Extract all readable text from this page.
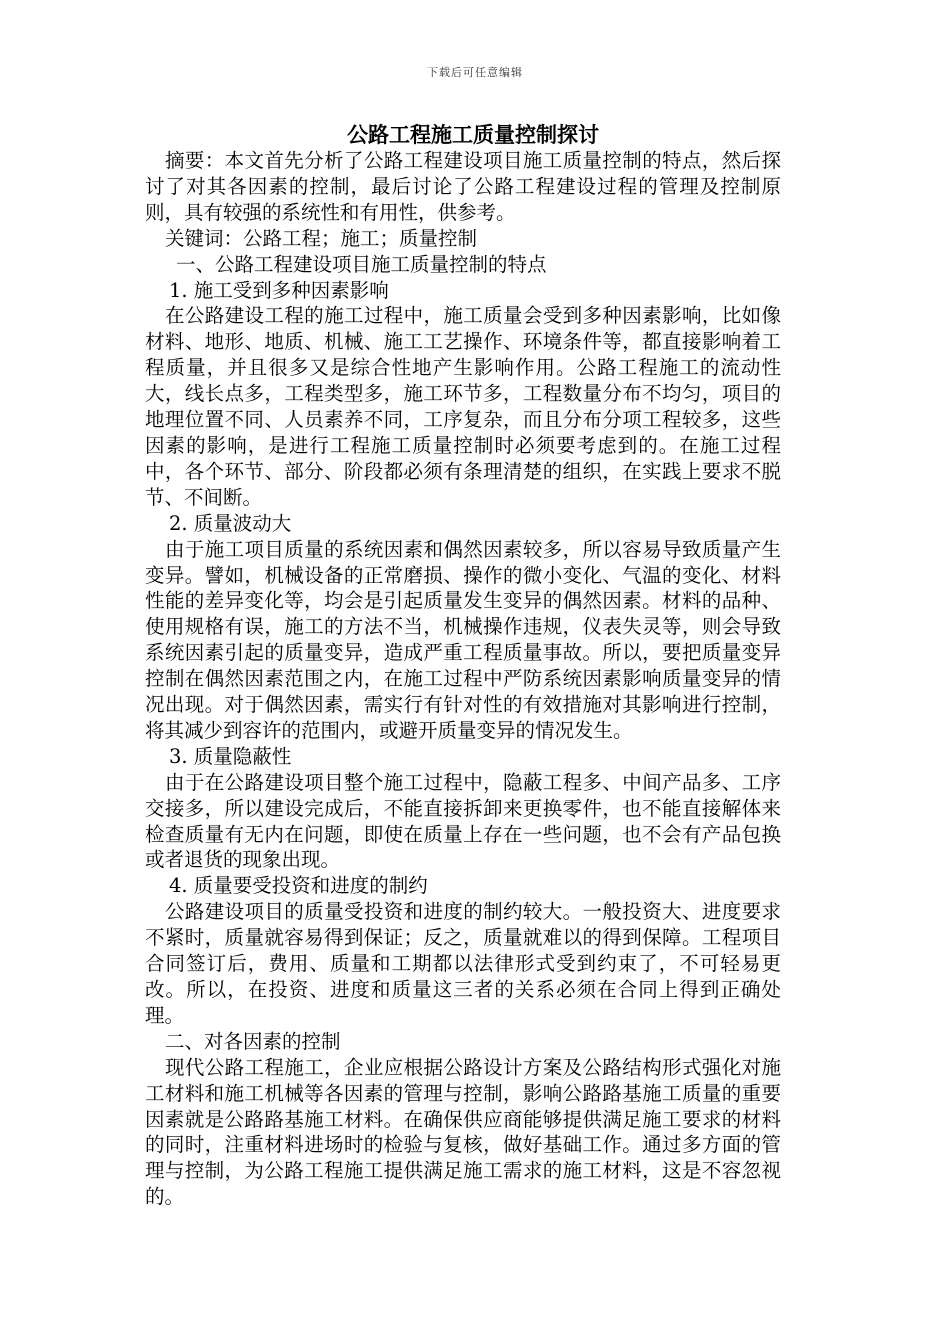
下载后可任意编辑
公路工程施工质量控制探讨

摘要：本文首先分析了公路工程建设项目施工质量控制的特点，然后探讨了对其各因素的控制，最后讨论了公路工程建设过程的管理及控制原则，具有较强的系统性和有用性，供参考。

关键词：公路工程；施工；质量控制

一、公路工程建设项目施工质量控制的特点

1. 施工受到多种因素影响

在公路建设工程的施工过程中，施工质量会受到多种因素影响，比如像材料、地形、地质、机械、施工工艺操作、环境条件等，都直接影响着工程质量，并且很多又是综合性地产生影响作用。公路工程施工的流动性大，线长点多，工程类型多，施工环节多，工程数量分布不均匀，项目的地理位置不同、人员素养不同，工序复杂，而且分布分项工程较多，这些因素的影响，是进行工程施工质量控制时必须要考虑到的。在施工过程中，各个环节、部分、阶段都必须有条理清楚的组织，在实践上要求不脱节、不间断。

2. 质量波动大

由于施工项目质量的系统因素和偶然因素较多，所以容易导致质量产生变异。譬如，机械设备的正常磨损、操作的微小变化、气温的变化、材料性能的差异变化等，均会是引起质量发生变异的偶然因素。材料的品种、使用规格有误，施工的方法不当，机械操作违规，仪表失灵等，则会导致系统因素引起的质量变异，造成严重工程质量事故。所以，要把质量变异控制在偶然因素范围之内，在施工过程中严防系统因素影响质量变异的情况出现。对于偶然因素，需实行有针对性的有效措施对其影响进行控制，将其减少到容许的范围内，或避开质量变异的情况发生。

3. 质量隐蔽性

由于在公路建设项目整个施工过程中，隐蔽工程多、中间产品多、工序交接多，所以建设完成后，不能直接拆卸来更换零件，也不能直接解体来检查质量有无内在问题，即使在质量上存在一些问题，也不会有产品包换或者退货的现象出现。

4. 质量要受投资和进度的制约

公路建设项目的质量受投资和进度的制约较大。一般投资大、进度要求不紧时，质量就容易得到保证；反之，质量就难以的得到保障。工程项目合同签订后，费用、质量和工期都以法律形式受到约束了，不可轻易更改。所以，在投资、进度和质量这三者的关系必须在合同上得到正确处理。

二、对各因素的控制

现代公路工程施工，企业应根据公路设计方案及公路结构形式强化对施工材料和施工机械等各因素的管理与控制，影响公路路基施工质量的重要因素就是公路路基施工材料。在确保供应商能够提供满足施工要求的材料的同时，注重材料进场时的检验与复核，做好基础工作。通过多方面的管理与控制，为公路工程施工提供满足施工需求的施工材料，这是不容忽视的。
